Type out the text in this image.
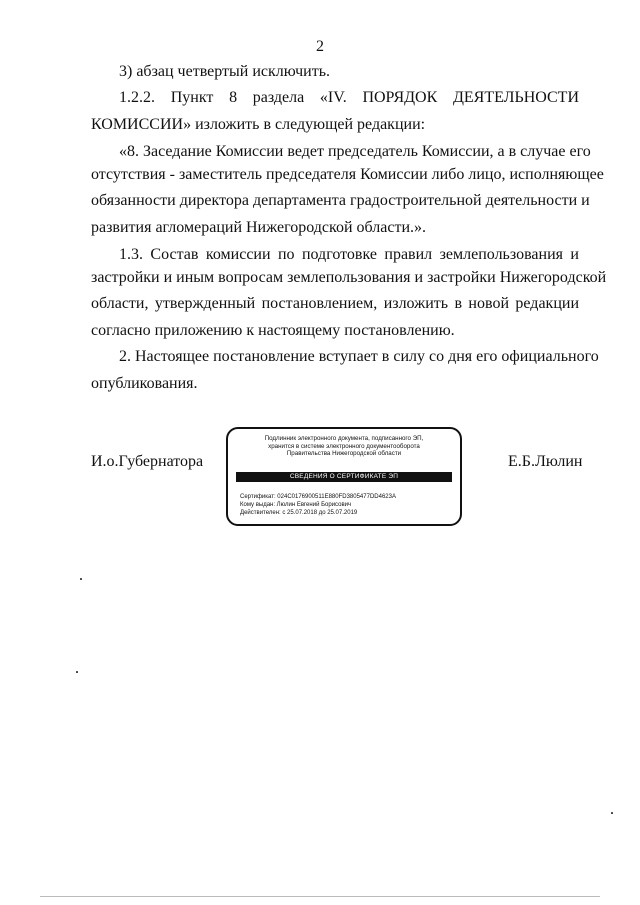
2
3) абзац четвертый исключить.
1.2.2. Пункт 8 раздела «IV. ПОРЯДОК ДЕЯТЕЛЬНОСТИ
КОМИССИИ» изложить в следующей редакции:
«8. Заседание Комиссии ведет председатель Комиссии, а в случае его
отсутствия - заместитель председателя Комиссии либо лицо, исполняющее
обязанности директора департамента градостроительной деятельности и
развития агломераций Нижегородской области.».
1.3. Состав комиссии по подготовке правил землепользования и
застройки и иным вопросам землепользования и застройки Нижегородской
области, утвержденный постановлением, изложить в новой редакции
согласно приложению к настоящему постановлению.
2. Настоящее постановление вступает в силу со дня его официального
опубликования.
И.о.Губернатора
Подлинник электронного документа, подписанного ЭП,
хранится в системе электронного документооборота
Правительства Нижегородской области
СВЕДЕНИЯ О СЕРТИФИКАТЕ ЭП
Сертификат: 024С0176900511E880FD3805477DD4623A
Кому выдан: Люлин Евгений Борисович
Действителен: с 25.07.2018 до 25.07.2019
Е.Б.Люлин
